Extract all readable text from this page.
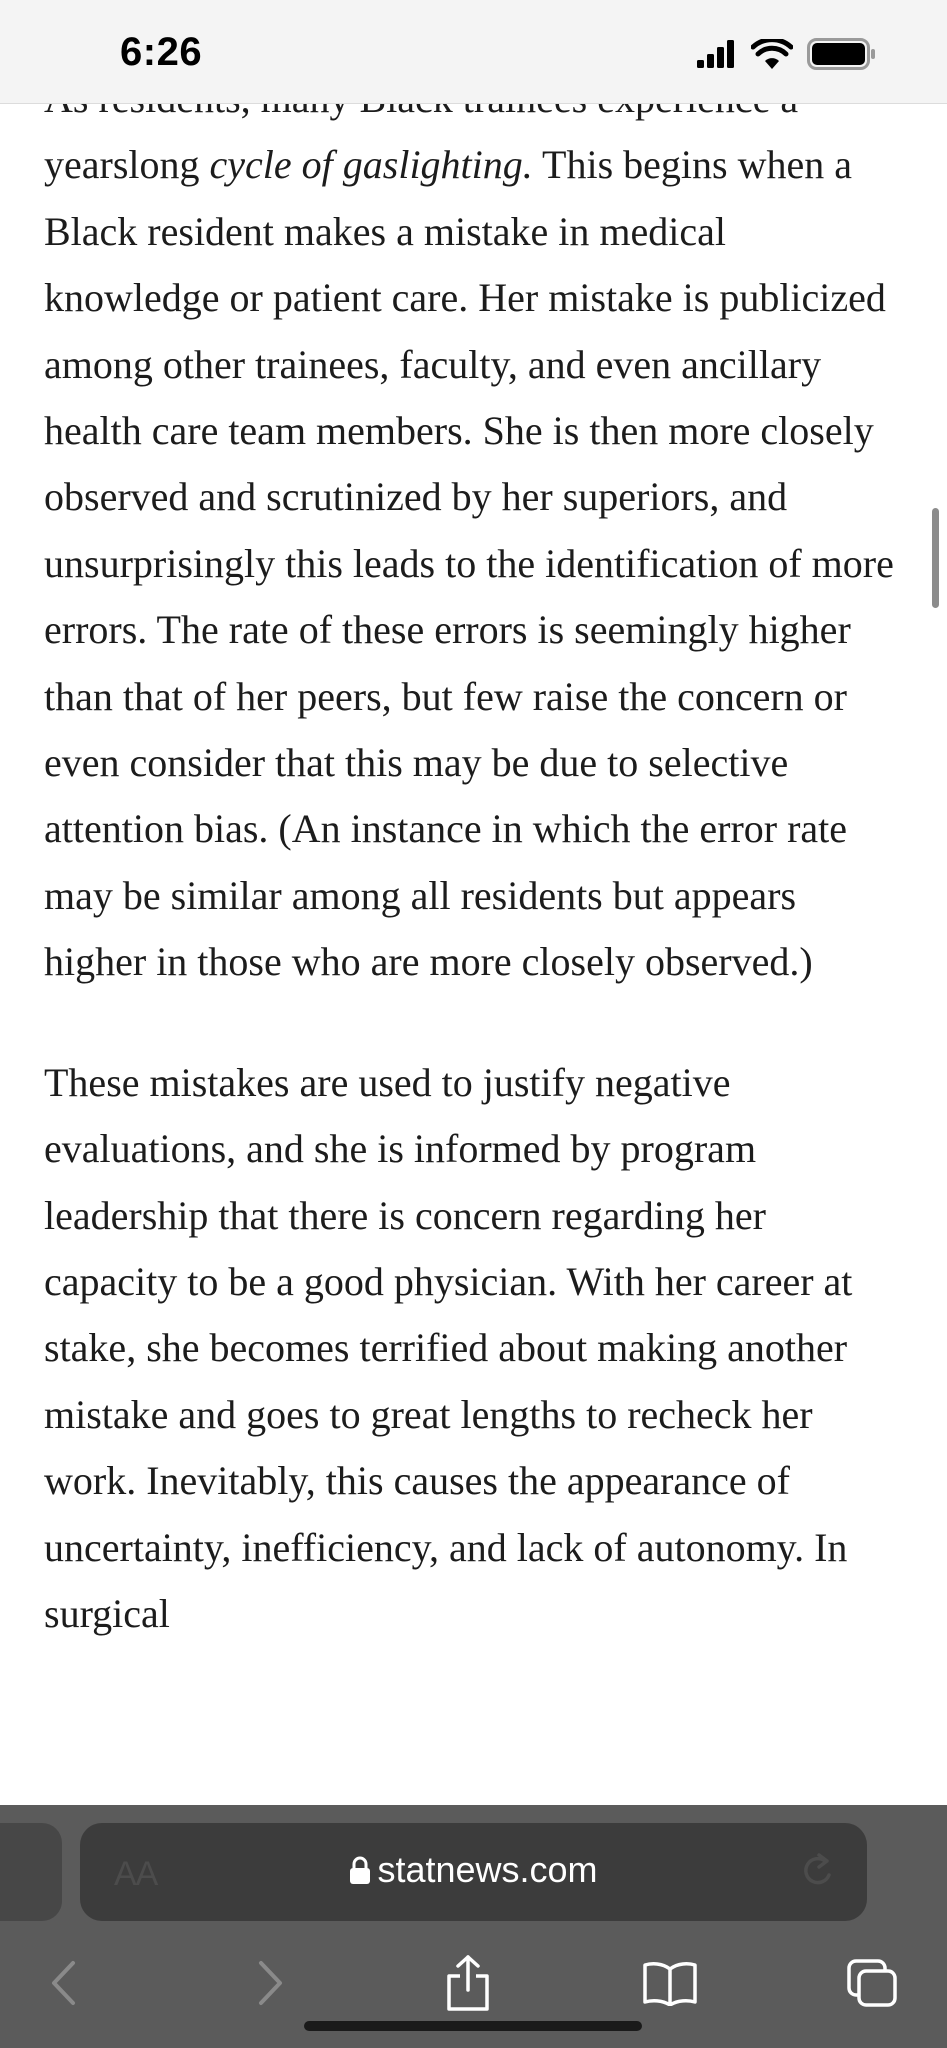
6:26

yearslong cycle of gaslighting. This begins when a Black resident makes a mistake in medical knowledge or patient care. Her mistake is publicized among other trainees, faculty, and even ancillary health care team members. She is then more closely observed and scrutinized by her superiors, and unsurprisingly this leads to the identification of more errors. The rate of these errors is seemingly higher than that of her peers, but few raise the concern or even consider that this may be due to selective attention bias. (An instance in which the error rate may be similar among all residents but appears higher in those who are more closely observed.)

These mistakes are used to justify negative evaluations, and she is informed by program leadership that there is concern regarding her capacity to be a good physician. With her career at stake, she becomes terrified about making another mistake and goes to great lengths to recheck her work. Inevitably, this causes the appearance of uncertainty, inefficiency, and lack of autonomy. In surgical

AA	statnews.com
